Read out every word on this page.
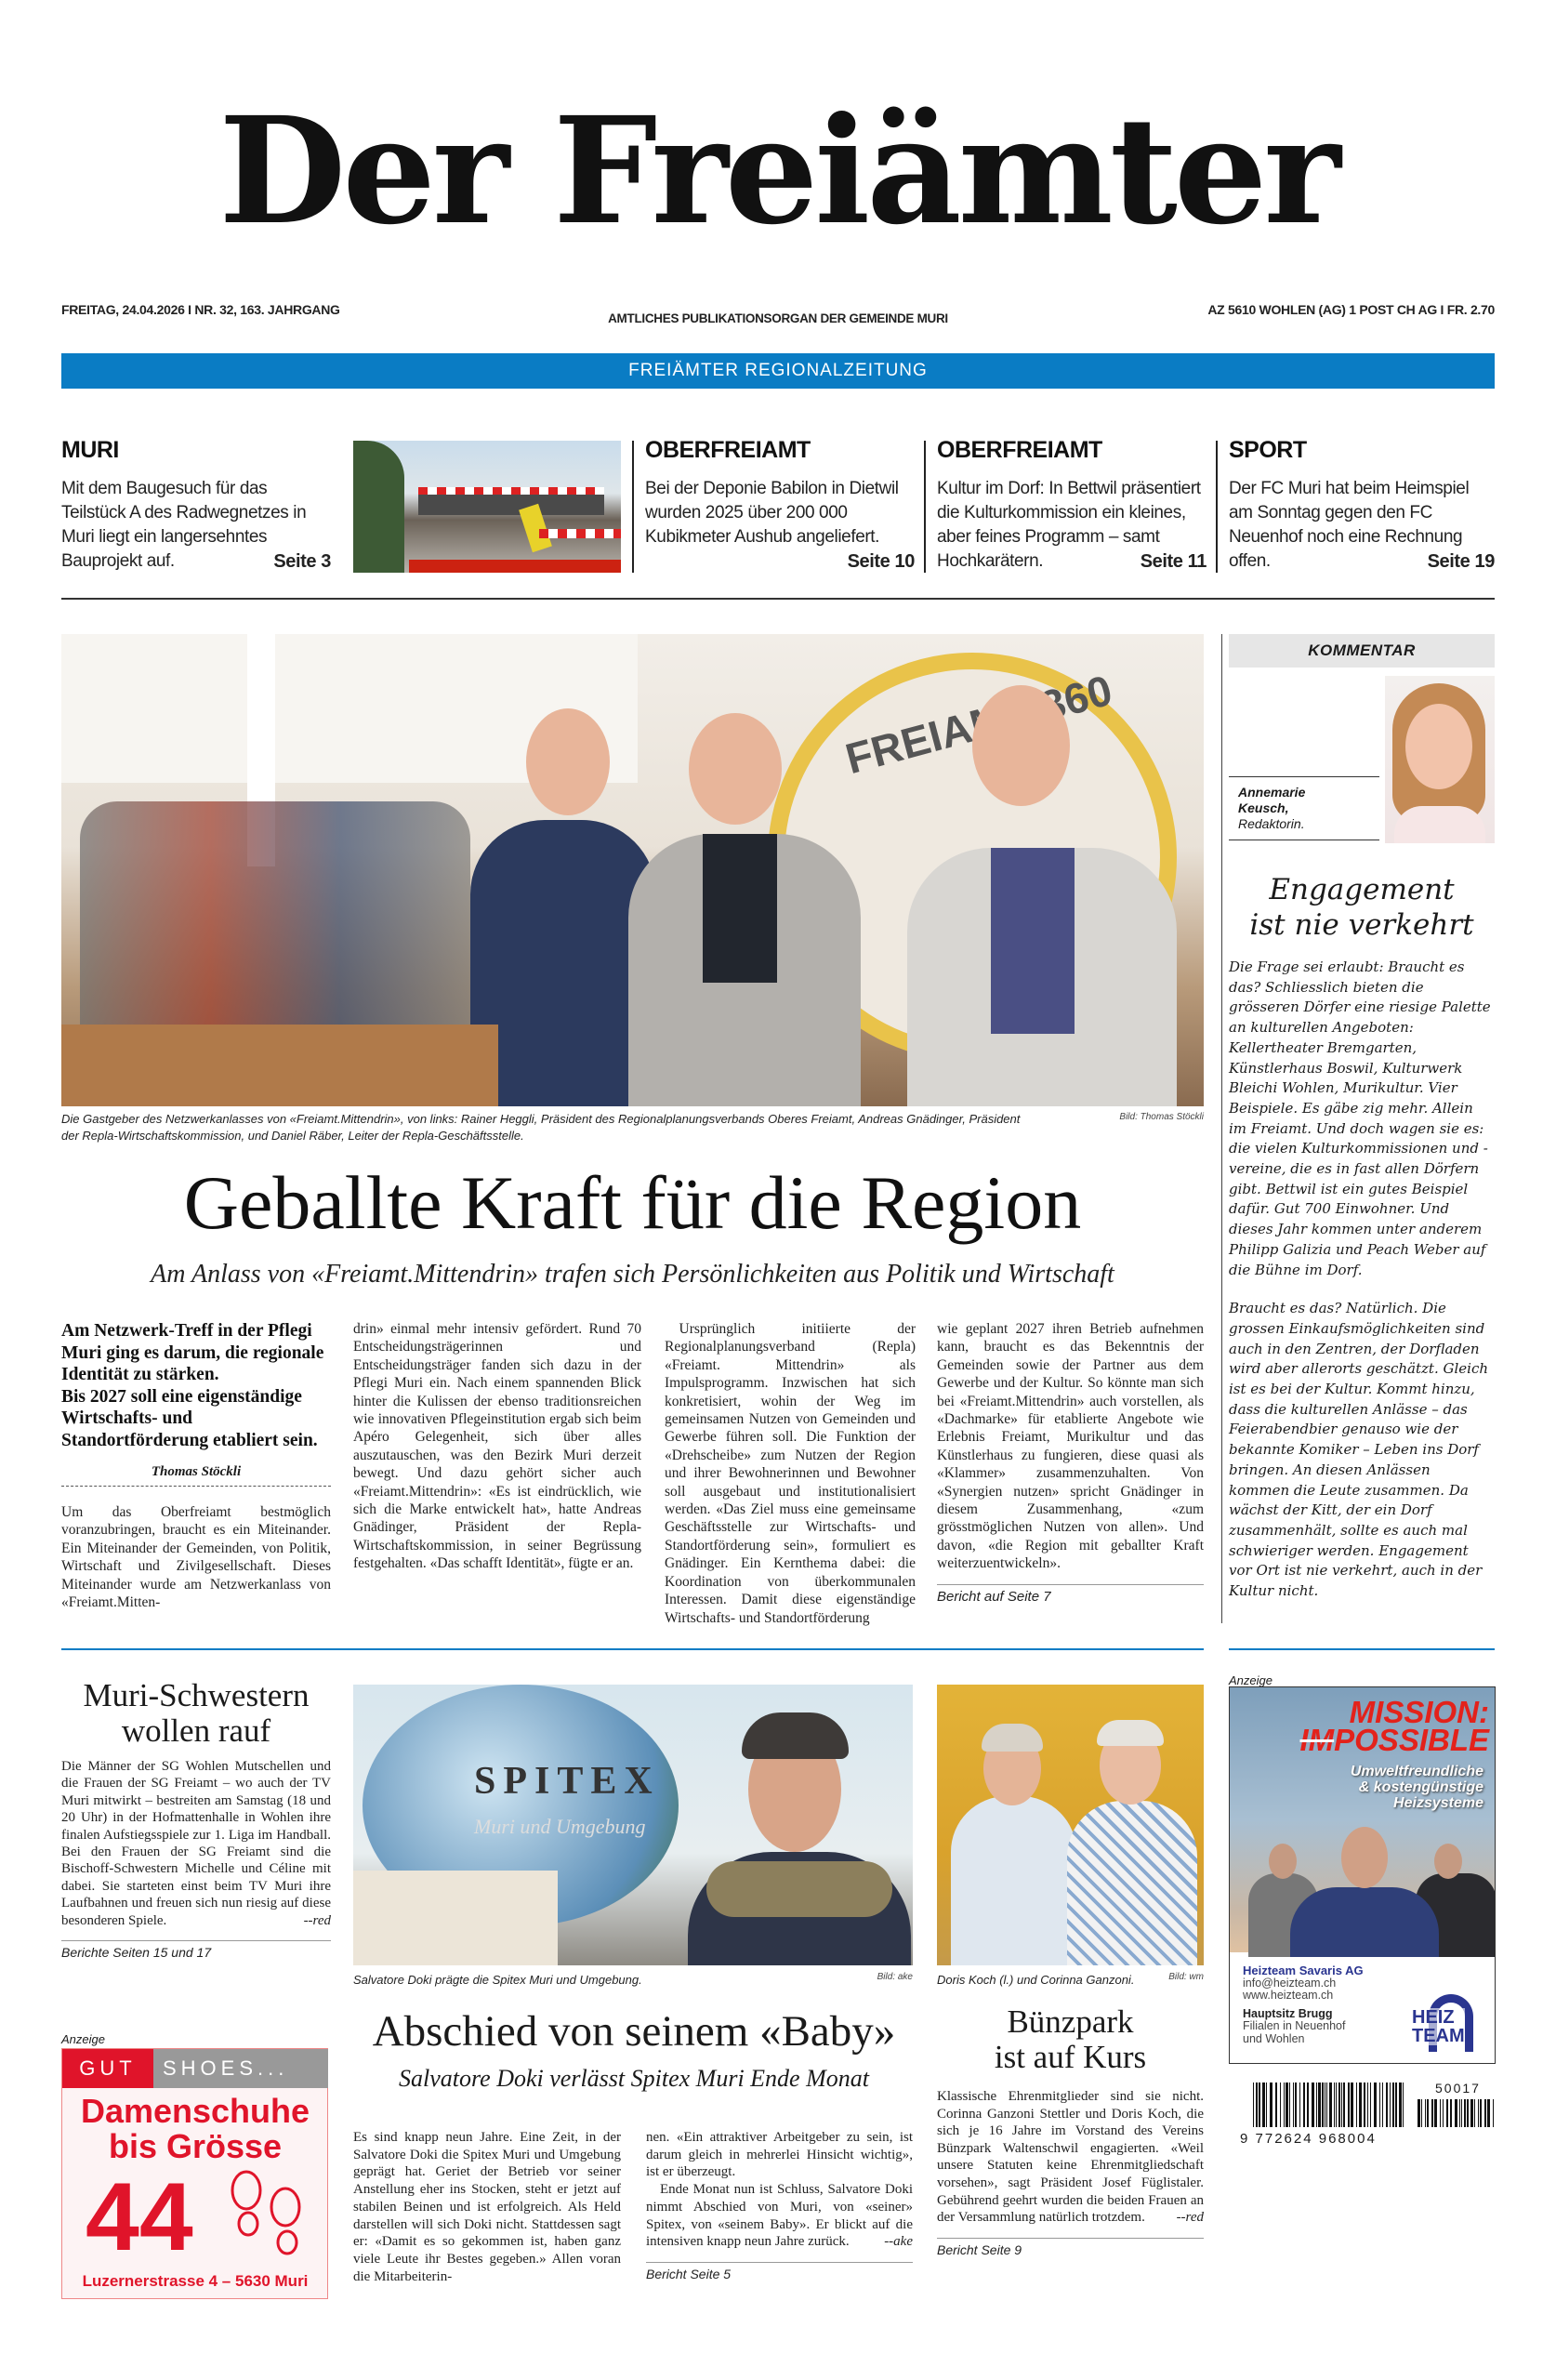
Der Freiämter
FREITAG, 24.04.2026 I NR. 32, 163. JAHRGANG
AMTLICHES PUBLIKATIONSORGAN DER GEMEINDE MURI
AZ 5610 WOHLEN (AG) 1 POST CH AG I FR. 2.70
FREIÄMTER REGIONALZEITUNG
MURI

Mit dem Baugesuch für das Teilstück A des Radwegnetzes in Muri liegt ein langersehntes Bauprojekt auf.	Seite 3

OBERFREIAMT

Bei der Deponie Babilon in Dietwil wurden 2025 über 200 000 Kubikmeter Aushub angeliefert.
Seite 10

OBERFREIAMT

Kultur im Dorf: In Bettwil präsentiert die Kulturkommission ein kleines, aber feines Programm – samt Hochkarätern.	Seite 11

SPORT

Der FC Muri hat beim Heimspiel am Sonntag gegen den FC Neuenhof noch eine Rechnung offen.	Seite 19

FREIAMT 360
Die Gastgeber des Netzwerkanlasses von «Freiamt.Mittendrin», von links: Rainer Heggli, Präsident des Regionalplanungsverbands Oberes Freiamt, Andreas Gnädinger, Präsident der Repla-Wirtschaftskommission, und Daniel Räber, Leiter der Repla-Geschäftsstelle.
Bild: Thomas Stöckli
Geballte Kraft für die Region
Am Anlass von «Freiamt.Mittendrin» trafen sich Persönlichkeiten aus Politik und Wirtschaft

Am Netzwerk-Treff in der Pflegi Muri ging es darum, die regionale Identität zu stärken.

Bis 2027 soll eine eigenständige Wirtschafts- und Standortförderung etabliert sein.

Thomas Stöckli

Um das Oberfreiamt bestmöglich voranzubringen, braucht es ein Miteinander. Ein Miteinander der Gemeinden, von Politik, Wirtschaft und Zivilgesellschaft. Dieses Miteinander wurde am Netzwerkanlass von «Freiamt.Mitten-

drin» einmal mehr intensiv gefördert. Rund 70 Entscheidungsträgerinnen und Entscheidungsträger fanden sich dazu in der Pflegi Muri ein. Nach einem spannenden Blick hinter die Kulissen der ebenso traditionsreichen wie innovativen Pflegeinstitution ergab sich beim Apéro Gelegenheit, sich über alles auszutauschen, was den Bezirk Muri derzeit bewegt. Und dazu gehört sicher auch «Freiamt.Mittendrin»: «Es ist eindrücklich, wie sich die Marke entwickelt hat», hatte Andreas Gnädinger, Präsident der Repla-Wirtschaftskommission, in seiner Begrüssung festgehalten. «Das schafft Identität», fügte er an.

Ursprünglich initiierte der Regionalplanungsverband (Repla) «Freiamt. Mittendrin» als Impulsprogramm. Inzwischen hat sich konkretisiert, wohin der Weg im gemeinsamen Nutzen von Gemeinden und Gewerbe führen soll. Die Funktion der «Drehscheibe» zum Nutzen der Region und ihrer Bewohnerinnen und Bewohner soll ausgebaut und institutionalisiert werden. «Das Ziel muss eine gemeinsame Geschäftsstelle zur Wirtschafts- und Standortförderung sein», formuliert es Gnädinger. Ein Kernthema dabei: die Koordination von überkommunalen Interessen. Damit diese eigenständige Wirtschafts- und Standortförderung

wie geplant 2027 ihren Betrieb aufnehmen kann, braucht es das Bekenntnis der Gemeinden sowie der Partner aus dem Gewerbe und der Kultur. So könnte man sich bei «Freiamt.Mittendrin» auch vorstellen, als «Dachmarke» für etablierte Angebote wie Erlebnis Freiamt, Murikultur und das Künstlerhaus zu fungieren, diese quasi als «Klammer» zusammenzuhalten. Von «Synergien nutzen» spricht Gnädinger in diesem Zusammenhang, «zum grösstmöglichen Nutzen von allen». Und davon, «die Region mit geballter Kraft weiterzuentwickeln».

Bericht auf Seite 7
KOMMENTAR
Annemarie Keusch,
Redaktorin.
Engagement
ist nie verkehrt

Die Frage sei erlaubt: Braucht es das? Schliesslich bieten die grösseren Dörfer eine riesige Palette an kulturellen Angeboten: Kellertheater Bremgarten, Künstlerhaus Boswil, Kulturwerk Bleichi Wohlen, Murikultur. Vier Beispiele. Es gäbe zig mehr. Allein im Freiamt. Und doch wagen sie es: die vielen Kulturkommissionen und -vereine, die es in fast allen Dörfern gibt. Bettwil ist ein gutes Beispiel dafür. Gut 700 Einwohner. Und dieses Jahr kommen unter anderem Philipp Galizia und Peach Weber auf die Bühne im Dorf.

Braucht es das? Natürlich. Die grossen Einkaufsmöglichkeiten sind auch in den Zentren, der Dorfladen wird aber allerorts geschätzt. Gleich ist es bei der Kultur. Kommt hinzu, dass die kulturellen Anlässe – das Feierabendbier genauso wie der bekannte Komiker – Leben ins Dorf bringen. An diesen Anlässen kommen die Leute zusammen. Da wächst der Kitt, der ein Dorf zusammenhält, sollte es auch mal schwieriger werden. Engagement vor Ort ist nie verkehrt, auch in der Kultur nicht.

Muri-Schwestern
wollen rauf

Die Männer der SG Wohlen Mutschellen und die Frauen der SG Freiamt – wo auch der TV Muri mitwirkt – bestreiten am Samstag (18 und 20 Uhr) in der Hofmattenhalle in Wohlen ihre finalen Aufstiegsspiele zur 1. Liga im Handball. Bei den Frauen der SG Freiamt sind die Bischoff-Schwestern Michelle und Céline mit dabei. Sie starteten einst beim TV Muri ihre Laufbahnen und freuen sich nun riesig auf diese besonderen Spiele.	--red

Berichte Seiten 15 und 17
Anzeige
GUT	SHOES...
Damenschuhe
bis Grösse
44
Luzernerstrasse 4 – 5630 Muri
SPITEX
Muri und Umgebung
Salvatore Doki prägte die Spitex Muri und Umgebung.	Bild: ake
Abschied von seinem «Baby»
Salvatore Doki verlässt Spitex Muri Ende Monat

Es sind knapp neun Jahre. Eine Zeit, in der Salvatore Doki die Spitex Muri und Umgebung geprägt hat. Geriet der Betrieb vor seiner Anstellung eher ins Stocken, steht er jetzt auf stabilen Beinen und ist erfolgreich. Als Held darstellen will sich Doki nicht. Stattdessen sagt er: «Damit es so gekommen ist, haben ganz viele Leute ihr Bestes gegeben.» Allen voran die Mitarbeiterin-

nen. «Ein attraktiver Arbeitgeber zu sein, ist darum gleich in mehrerlei Hinsicht wichtig», ist er überzeugt.

Ende Monat nun ist Schluss, Salvatore Doki nimmt Abschied von Muri, von «seiner» Spitex, von «seinem Baby». Er blickt auf die intensiven knapp neun Jahre zurück.	--ake

Bericht Seite 5
Doris Koch (l.) und Corinna Ganzoni.	Bild: wm
Bünzpark
ist auf Kurs

Klassische Ehrenmitglieder sind sie nicht. Corinna Ganzoni Stettler und Doris Koch, die sich je 16 Jahre im Vorstand des Vereins Bünzpark Waltenschwil engagierten. «Weil unsere Statuten keine Ehrenmitgliedschaft vorsehen», sagt Präsident Josef Füglistaler. Gebührend geehrt wurden die beiden Frauen an der Versammlung natürlich trotzdem. --red

Bericht Seite 9
Anzeige
MISSION:
IMPOSSIBLE
Umweltfreundliche
& kostengünstige
Heizsysteme
Heizteam Savaris AG
info@heizteam.ch
www.heizteam.ch
Hauptsitz Brugg
Filialen in Neuenhof
und Wohlen
HEIZ
TEAM
9 772624 968004
50017
